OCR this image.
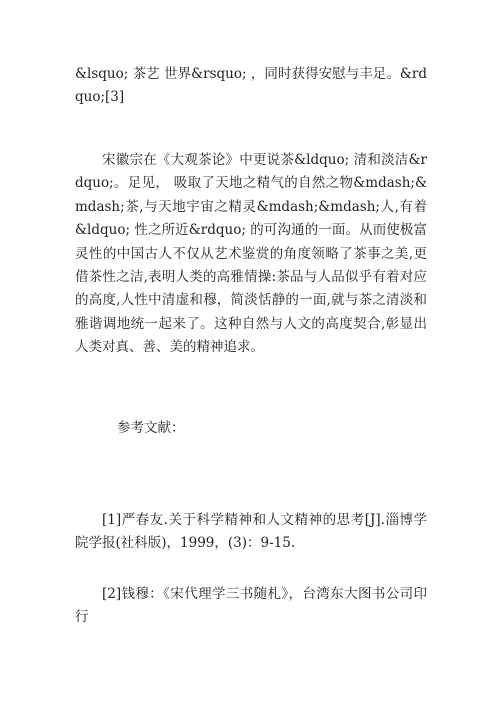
&lsquo; 茶艺 世界&rsquo; ，同时获得安慰与丰足。&rdquo;[3]

宋徽宗在《大观茶论》中更说茶&ldquo; 清和淡洁&rdquo;。足见， 吸取了天地之精气的自然之物&mdash;&mdash;茶,与天地宇宙之精灵&mdash;&mdash;人,有着&ldquo; 性之所近&rdquo; 的可沟通的一面。从而使极富灵性的中国古人不仅从艺术鉴赏的角度领略了茶事之美,更借茶性之洁,表明人类的高雅情操:茶品与人品似乎有着对应的高度,人性中清虚和穆，简淡恬静的一面,就与茶之清淡和雅谐调地统一起来了。这种自然与人文的高度契合,彰显出人类对真、善、美的精神追求。

参考文献：

[1]严春友.关于科学精神和人文精神的思考[J].淄博学院学报(社科版)，1999，(3)：9-15.

[2]钱穆：《宋代理学三书随札》，台湾东大图书公司印行
